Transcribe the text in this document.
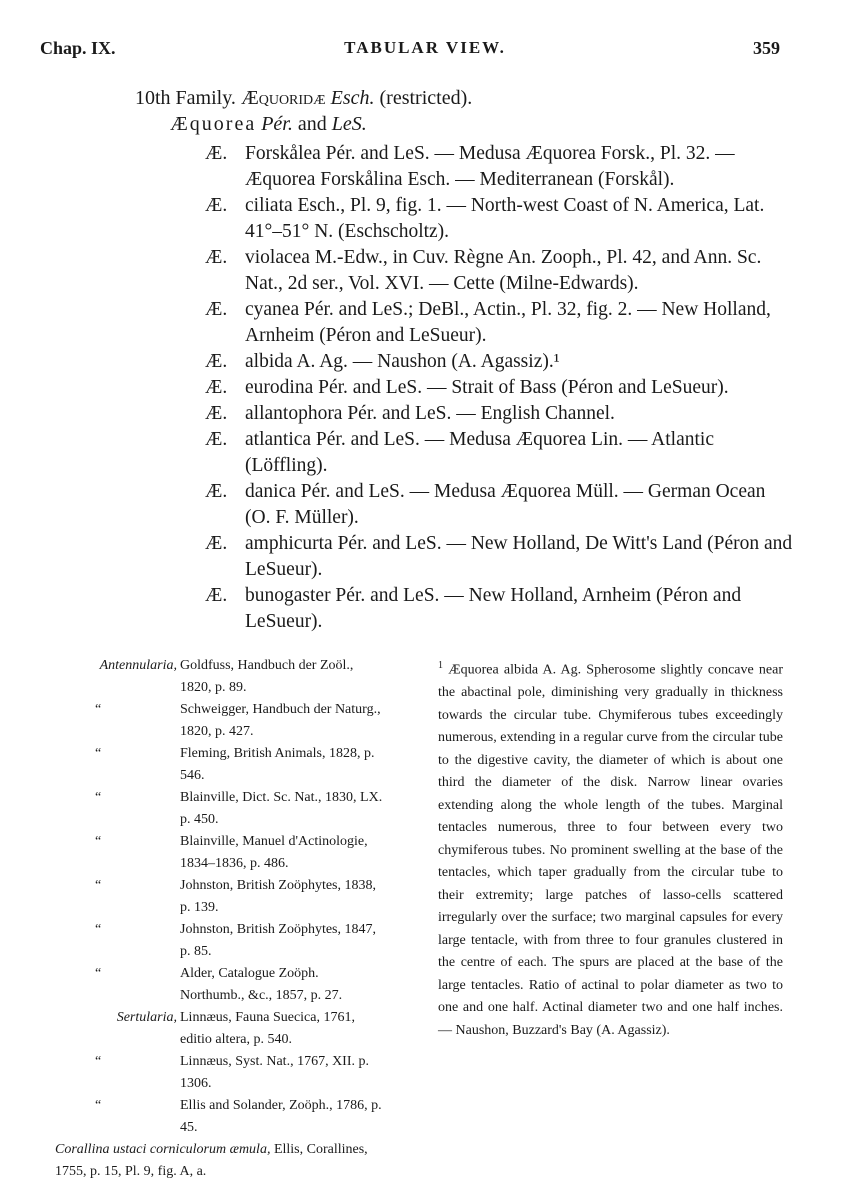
Chap. IX.	TABULAR VIEW.	359
10th Family. Æquoridæ Esch. (restricted).
Æquorea Pér. and LeS.
Æ. Forskålea Pér. and LeS. — Medusa Æquorea Forsk., Pl. 32. — Æquorea Forskålina Esch. — Mediterranean (Forskål).
Æ. ciliata Esch., Pl. 9, fig. 1. — North-west Coast of N. America, Lat. 41°–51° N. (Eschscholtz).
Æ. violacea M.-Edw., in Cuv. Règne An. Zooph., Pl. 42, and Ann. Sc. Nat., 2d ser., Vol. XVI. — Cette (Milne-Edwards).
Æ. cyanea Pér. and LeS.; DeBl., Actin., Pl. 32, fig. 2. — New Holland, Arnheim (Péron and LeSueur).
Æ. albida A. Ag. — Naushon (A. Agassiz).¹
Æ. eurodina Pér. and LeS. — Strait of Bass (Péron and LeSueur).
Æ. allantophora Pér. and LeS. — English Channel.
Æ. atlantica Pér. and LeS. — Medusa Æquorea Lin. — Atlantic (Löffling).
Æ. danica Pér. and LeS. — Medusa Æquorea Müll. — German Ocean (O. F. Müller).
Æ. amphicurta Pér. and LeS. — New Holland, De Witt's Land (Péron and LeSueur).
Æ. bunogaster Pér. and LeS. — New Holland, Arnheim (Péron and LeSueur).
Antennularia, Goldfuss, Handbuch der Zoöl., 1820, p. 89.
“	Schweigger, Handbuch der Naturg., 1820, p. 427.
“	Fleming, British Animals, 1828, p. 546.
“	Blainville, Dict. Sc. Nat., 1830, LX. p. 450.
“	Blainville, Manuel d'Actinologie, 1834–1836, p. 486.
“	Johnston, British Zoöphytes, 1838, p. 139.
“	Johnston, British Zoöphytes, 1847, p. 85.
“	Alder, Catalogue Zoöph. Northumb., &c., 1857, p. 27.
Sertularia, Linnæus, Fauna Suecica, 1761, editio altera, p. 540.
“	Linnæus, Syst. Nat., 1767, XII. p. 1306.
“	Ellis and Solander, Zoöph., 1786, p. 45.
Corallina ustaci corniculorum æmula, Ellis, Corallines, 1755, p. 15, Pl. 9, fig. A, a.
$^1$ Æquorea albida A. Ag. Spherosome slightly concave near the abactinal pole, diminishing very gradually in thickness towards the circular tube. Chymiferous tubes exceedingly numerous, extending in a regular curve from the circular tube to the digestive cavity, the diameter of which is about one third the diameter of the disk. Narrow linear ovaries extending along the whole length of the tubes. Marginal tentacles numerous, three to four between every two chymiferous tubes. No prominent swelling at the base of the tentacles, which taper gradually from the circular tube to their extremity; large patches of lasso-cells scattered irregularly over the surface; two marginal capsules for every large tentacle, with from three to four granules clustered in the centre of each. The spurs are placed at the base of the large tentacles. Ratio of actinal to polar diameter as two to one and one half. Actinal diameter two and one half inches. — Naushon, Buzzard's Bay (A. Agassiz).
